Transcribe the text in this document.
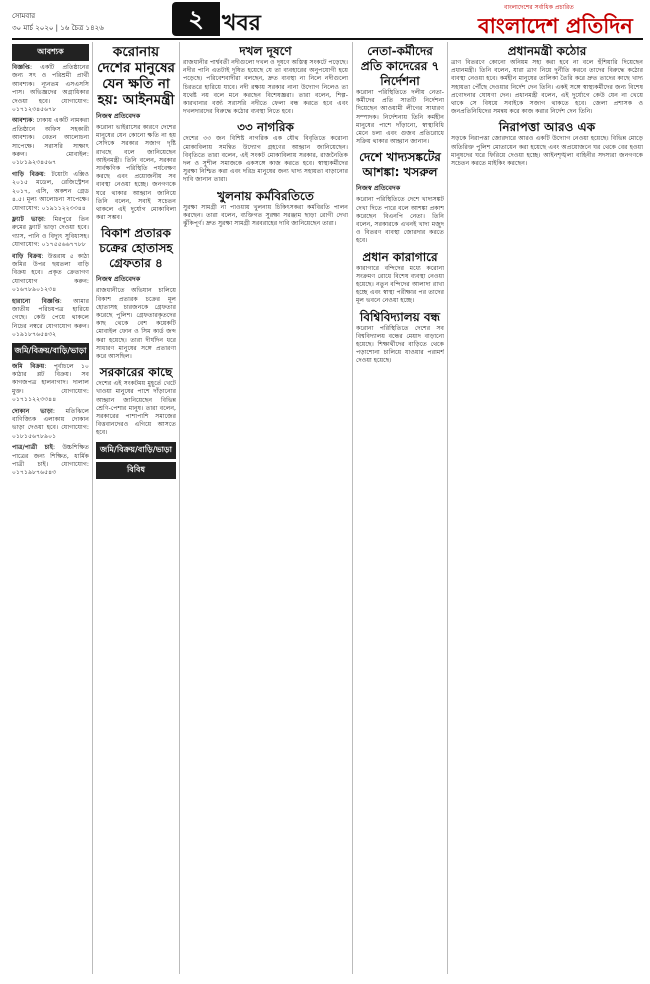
সোমবার
৩০ মার্চ ২০২০ | ১৬ চৈত্র ১৪২৬	২ খবর
বাংলাদেশের সর্বাধিক প্রচারিত
বাংলাদেশ প্রতিদিন
আবশ্যক
বিজ্ঞপ্তি: একটি প্রতিষ্ঠানের জন্য সৎ ও পরিশ্রমী প্রার্থী আবশ্যক। ন্যূনতম এসএসসি পাস। অভিজ্ঞদের অগ্রাধিকার দেওয়া হবে। যোগাযোগ: ০১৭১২৩৪৫৬৭৮
আবশ্যক: ঢাকায় একটি নামকরা প্রতিষ্ঠানে অফিস সহকারী আবশ্যক। বেতন আলোচনা সাপেক্ষে। সরাসরি সাক্ষাৎ করুন। মোবাইল: ০১৮১৯২৩৪৫৬৭
গাড়ি বিক্রয়: টয়োটা এক্সিও ২০১৫ মডেল, রেজিস্ট্রেশন ২০১৭, এসি, অকশন গ্রেড ৪.৫। মূল্য আলোচনা সাপেক্ষে। যোগাযোগ: ০১৯১১২২৩৩৪৪
ফ্ল্যাট ভাড়া: মিরপুরে তিন রুমের ফ্ল্যাট ভাড়া দেওয়া হবে। গ্যাস, পানি ও বিদ্যুৎ সুবিধাসহ। যোগাযোগ: ০১৭৫৫৬৬৭৭৮৮
বাড়ি বিক্রয়: উত্তরায় ৫ কাঠা জমির উপর ছয়তলা বাড়ি বিক্রয় হবে। প্রকৃত ক্রেতাগণ যোগাযোগ করুন: ০১৬৭৮৯০১২৩৪
হারানো বিজ্ঞপ্তি: আমার জাতীয় পরিচয়পত্র হারিয়ে গেছে। কেউ পেয়ে থাকলে নিচের নম্বরে যোগাযোগ করুন। ০১৯১৮৭৬৫৪৩২
জমি/বিক্রয়/বাড়ি/ভাড়া
জমি বিক্রয়: পূর্বাচলে ১০ কাঠার প্লট বিক্রয়। সব কাগজপত্র হালনাগাদ। দালাল মুক্ত। যোগাযোগ: ০১৭১১২২৩৩৪৪
দোকান ভাড়া: মতিঝিলে বাণিজ্যিক এলাকায় দোকান ভাড়া দেওয়া হবে। যোগাযোগ: ০১৮১৫৬৭৮৯০১
পাত্র/পাত্রী চাই: উচ্চশিক্ষিত পাত্রের জন্য শিক্ষিত, ধার্মিক পাত্রী চাই। যোগাযোগ: ০১৭১৯৮৭৬৫৪৩
করোনায় দেশের মানুষের যেন ক্ষতি না হয়: আইনমন্ত্রী
নিজস্ব প্রতিবেদক
করোনা ভাইরাসের কারণে দেশের মানুষের যেন কোনো ক্ষতি না হয় সেদিকে সরকার সজাগ দৃষ্টি রাখছে বলে জানিয়েছেন আইনমন্ত্রী। তিনি বলেন, সরকার সার্বক্ষণিক পরিস্থিতি পর্যবেক্ষণ করছে এবং প্রয়োজনীয় সব ব্যবস্থা নেওয়া হচ্ছে। জনগণকে ঘরে থাকার আহ্বান জানিয়ে তিনি বলেন, সবাই সচেতন থাকলে এই দুর্যোগ মোকাবিলা করা সম্ভব।
বিকাশ প্রতারক চক্রের হোতাসহ গ্রেফতার ৪
নিজস্ব প্রতিবেদক
রাজধানীতে অভিযান চালিয়ে বিকাশ প্রতারক চক্রের মূল হোতাসহ চারজনকে গ্রেফতার করেছে পুলিশ। গ্রেফতারকৃতদের কাছ থেকে বেশ কয়েকটি মোবাইল ফোন ও সিম কার্ড জব্দ করা হয়েছে। তারা দীর্ঘদিন ধরে সাধারণ মানুষের সঙ্গে প্রতারণা করে আসছিল।
সরকারের কাছে
দেশের এই সংকটময় মুহূর্তে খেটে খাওয়া মানুষের পাশে দাঁড়ানোর আহ্বান জানিয়েছেন বিভিন্ন শ্রেণি-পেশার মানুষ। তারা বলেন, সরকারের পাশাপাশি সমাজের বিত্তবানদেরও এগিয়ে আসতে হবে।
জমি/বিক্রয়/বাড়ি/ভাড়া
বিবিধ
দখল দূষণে
রাজধানীর পার্শ্ববর্তী নদীগুলো দখল ও দূষণে অস্তিত্ব সংকটে পড়েছে। নদীর পানি এতটাই দূষিত হয়েছে যে তা ব্যবহারের অনুপযোগী হয়ে পড়েছে। পরিবেশবাদীরা বলছেন, দ্রুত ব্যবস্থা না নিলে নদীগুলো চিরতরে হারিয়ে যাবে। নদী রক্ষায় সরকার নানা উদ্যোগ নিলেও তা যথেষ্ট নয় বলে মনে করছেন বিশেষজ্ঞরা। তারা বলেন, শিল্প-কারখানার বর্জ্য সরাসরি নদীতে ফেলা বন্ধ করতে হবে এবং দখলদারদের বিরুদ্ধে কঠোর ব্যবস্থা নিতে হবে।
৩৩ নাগরিক
দেশের ৩৩ জন বিশিষ্ট নাগরিক এক যৌথ বিবৃতিতে করোনা মোকাবিলায় সমন্বিত উদ্যোগ গ্রহণের আহ্বান জানিয়েছেন। বিবৃতিতে তারা বলেন, এই সংকট মোকাবিলায় সরকার, রাজনৈতিক দল ও সুশীল সমাজকে একসঙ্গে কাজ করতে হবে। স্বাস্থ্যকর্মীদের সুরক্ষা নিশ্চিত করা এবং দরিদ্র মানুষের জন্য খাদ্য সহায়তা বাড়ানোর দাবি জানান তারা।
খুলনায় কর্মবিরতিতে
সুরক্ষা সামগ্রী না পাওয়ায় খুলনায় চিকিৎসকরা কর্মবিরতি পালন করছেন। তারা বলেন, ব্যক্তিগত সুরক্ষা সরঞ্জাম ছাড়া রোগী দেখা ঝুঁকিপূর্ণ। দ্রুত সুরক্ষা সামগ্রী সরবরাহের দাবি জানিয়েছেন তারা।
নেতা-কর্মীদের প্রতি কাদেরের ৭ নির্দেশনা
করোনা পরিস্থিতিতে দলীয় নেতা-কর্মীদের প্রতি সাতটি নির্দেশনা দিয়েছেন আওয়ামী লীগের সাধারণ সম্পাদক। নির্দেশনায় তিনি কর্মহীন মানুষের পাশে দাঁড়ানো, স্বাস্থ্যবিধি মেনে চলা এবং গুজব প্রতিরোধে সক্রিয় থাকার আহ্বান জানান।
দেশে খাদ্যসঙ্কটের আশঙ্কা: খসরুল
নিজস্ব প্রতিবেদক
করোনা পরিস্থিতিতে দেশে খাদ্যসঙ্কট দেখা দিতে পারে বলে আশঙ্কা প্রকাশ করেছেন বিএনপি নেতা। তিনি বলেন, সরকারকে এখনই খাদ্য মজুদ ও বিতরণ ব্যবস্থা জোরদার করতে হবে।
প্রধান কারাগারে
কারাগারে বন্দিদের মধ্যে করোনা সংক্রমণ রোধে বিশেষ ব্যবস্থা নেওয়া হয়েছে। নতুন বন্দিদের আলাদা রাখা হচ্ছে এবং স্বাস্থ্য পরীক্ষার পর তাদের মূল ভবনে নেওয়া হচ্ছে।
বিশ্বিবিদ্যালয় বন্ধ
করোনা পরিস্থিতিতে দেশের সব বিশ্ববিদ্যালয় বন্ধের মেয়াদ বাড়ানো হয়েছে। শিক্ষার্থীদের বাড়িতে থেকে পড়াশোনা চালিয়ে যাওয়ার পরামর্শ দেওয়া হয়েছে।
প্রধানমন্ত্রী কঠোর
ত্রাণ বিতরণে কোনো অনিয়ম সহ্য করা হবে না বলে হুঁশিয়ারি দিয়েছেন প্রধানমন্ত্রী। তিনি বলেন, যারা ত্রাণ নিয়ে দুর্নীতি করবে তাদের বিরুদ্ধে কঠোর ব্যবস্থা নেওয়া হবে। কর্মহীন মানুষের তালিকা তৈরি করে দ্রুত তাদের কাছে খাদ্য সহায়তা পৌঁছে দেওয়ার নির্দেশ দেন তিনি। একই সঙ্গে স্বাস্থ্যকর্মীদের জন্য বিশেষ প্রণোদনার ঘোষণা দেন। প্রধানমন্ত্রী বলেন, এই দুর্যোগে কেউ যেন না খেয়ে থাকে সে বিষয়ে সবাইকে সজাগ থাকতে হবে। জেলা প্রশাসক ও জনপ্রতিনিধিদের সমন্বয় করে কাজ করার নির্দেশ দেন তিনি।
নিরাপত্তা আরও এক
সড়কে নিরাপত্তা জোরদারে আরও একটি উদ্যোগ নেওয়া হয়েছে। বিভিন্ন মোড়ে অতিরিক্ত পুলিশ মোতায়েন করা হয়েছে এবং অপ্রয়োজনে ঘর থেকে বের হওয়া মানুষদের ঘরে ফিরিয়ে দেওয়া হচ্ছে। আইনশৃঙ্খলা বাহিনীর সদস্যরা জনগণকে সচেতন করতে মাইকিং করছেন।
